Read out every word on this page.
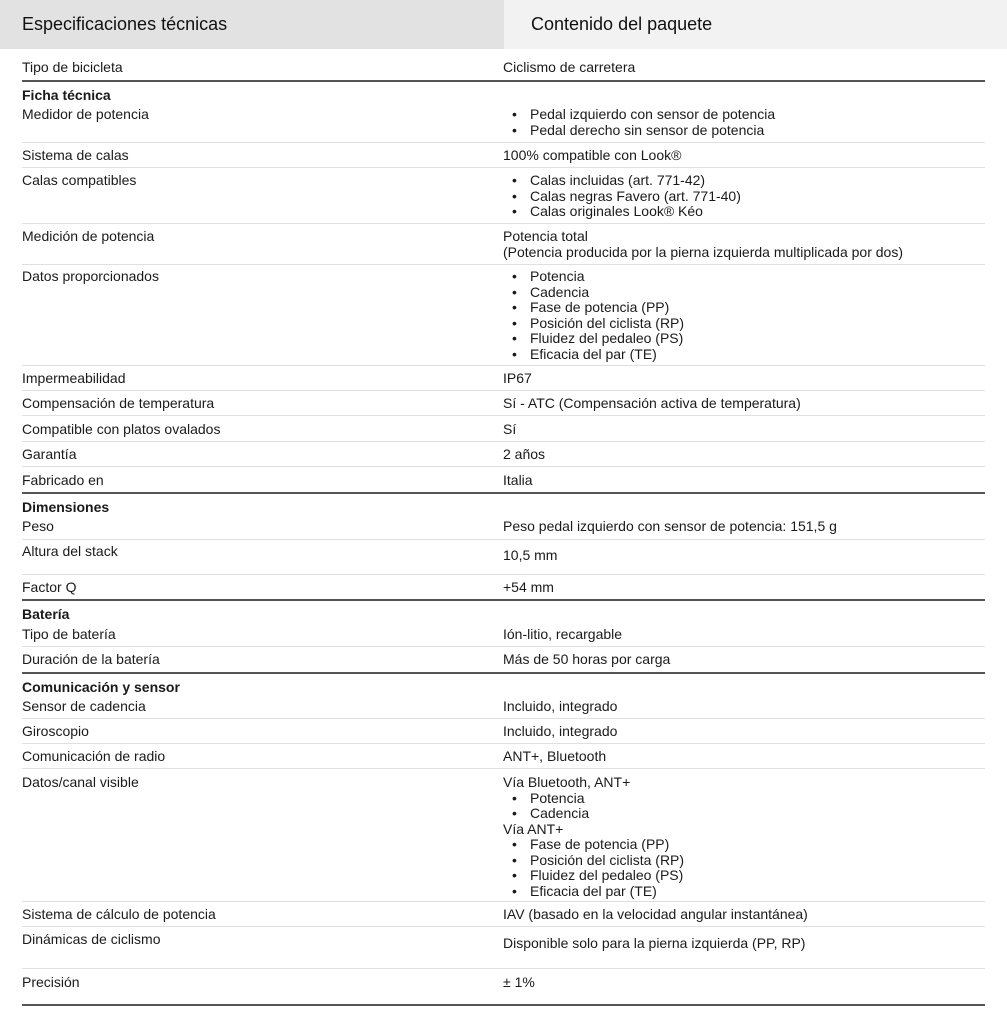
Especificaciones técnicas	Contenido del paquete
Tipo de bicicleta	Ciclismo de carretera
Ficha técnica
Medidor de potencia	• Pedal izquierdo con sensor de potencia
• Pedal derecho sin sensor de potencia
Sistema de calas	100% compatible con Look®
Calas compatibles	• Calas incluidas (art. 771-42)
• Calas negras Favero (art. 771-40)
• Calas originales Look® Kéo
Medición de potencia	Potencia total
(Potencia producida por la pierna izquierda multiplicada por dos)
Datos proporcionados	• Potencia
• Cadencia
• Fase de potencia (PP)
• Posición del ciclista (RP)
• Fluidez del pedaleo (PS)
• Eficacia del par (TE)
Impermeabilidad	IP67
Compensación de temperatura	Sí - ATC (Compensación activa de temperatura)
Compatible con platos ovalados	Sí
Garantía	2 años
Fabricado en	Italia
Dimensiones
Peso	Peso pedal izquierdo con sensor de potencia: 151,5 g
Altura del stack	10,5 mm
Factor Q	+54 mm
Batería
Tipo de batería	Ión-litio, recargable
Duración de la batería	Más de 50 horas por carga
Comunicación y sensor
Sensor de cadencia	Incluido, integrado
Giroscopio	Incluido, integrado
Comunicación de radio	ANT+, Bluetooth
Datos/canal visible	Vía Bluetooth, ANT+
• Potencia
• Cadencia
Vía ANT+
• Fase de potencia (PP)
• Posición del ciclista (RP)
• Fluidez del pedaleo (PS)
• Eficacia del par (TE)
Sistema de cálculo de potencia	IAV (basado en la velocidad angular instantánea)
Dinámicas de ciclismo	Disponible solo para la pierna izquierda (PP, RP)
Precisión	± 1%
